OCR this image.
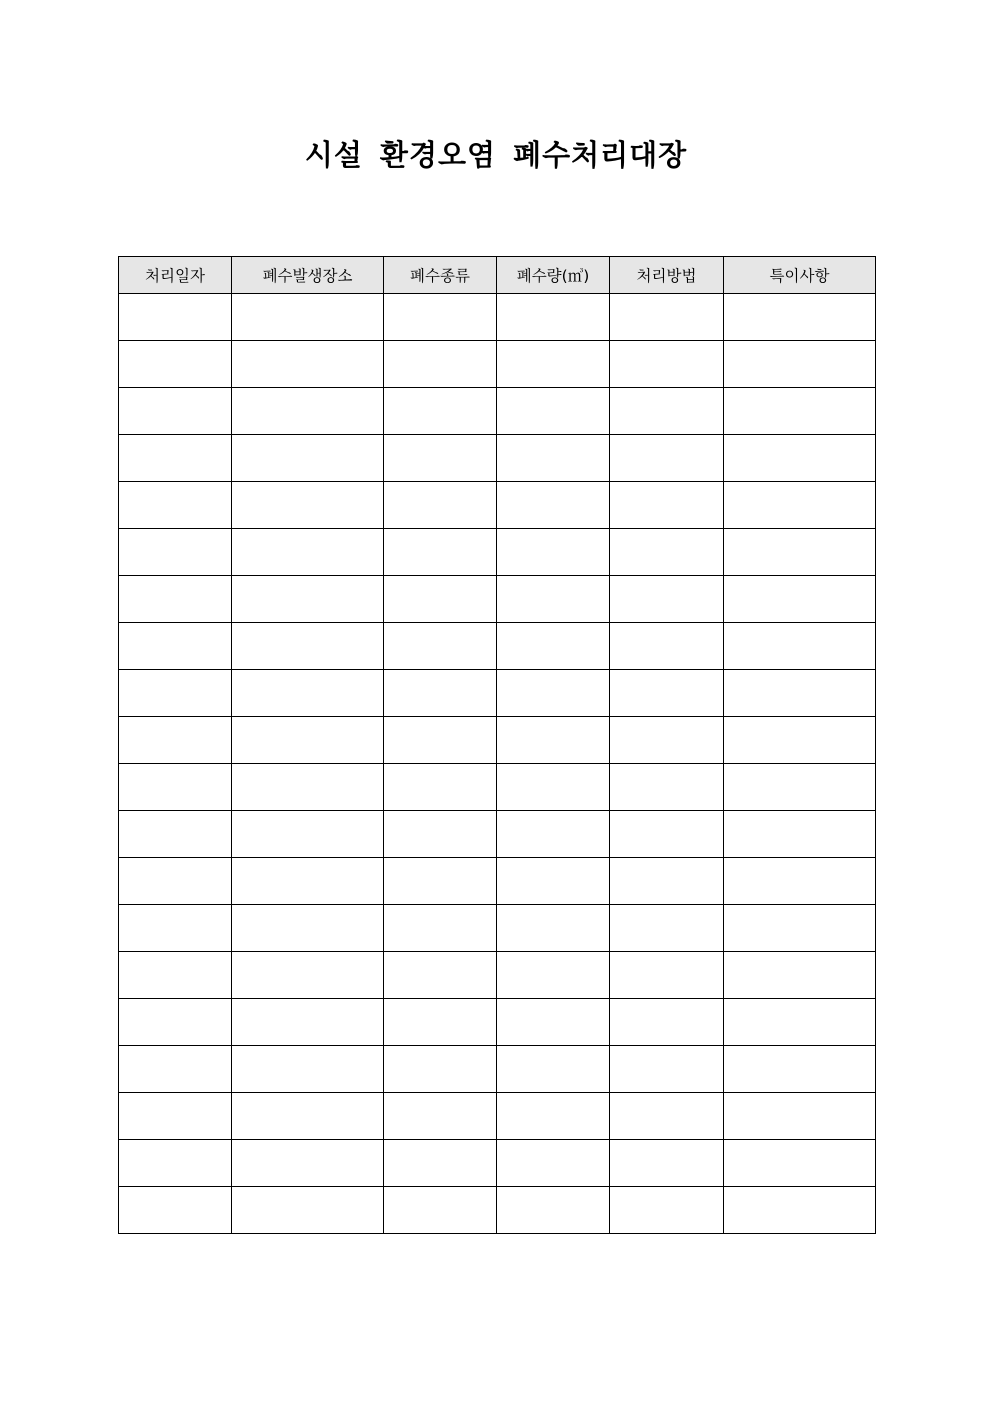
시설 환경오염 폐수처리대장
처리일자	폐수발생장소	폐수종류	폐수량(㎥)	처리방법	특이사항
